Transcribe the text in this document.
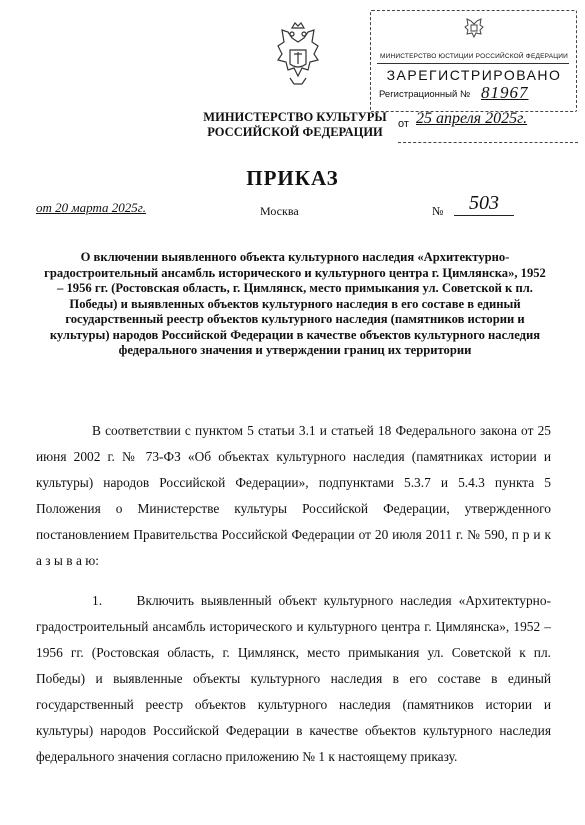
МИНИСТЕРСТВО КУЛЬТУРЫ
РОССИЙСКОЙ ФЕДЕРАЦИИ
МИНИСТЕРСТВО ЮСТИЦИИ РОССИЙСКОЙ ФЕДЕРАЦИИ
ЗАРЕГИСТРИРОВАНО
Регистрационный № 81967
от 25 апреля 2025г.
ПРИКАЗ
от 20 марта 2025г.	Москва	№	503
О включении выявленного объекта культурного наследия «Архитектурно-градостроительный ансамбль исторического и культурного центра г. Цимлянска», 1952 – 1956 гг. (Ростовская область, г. Цимлянск, место примыкания ул. Советской к пл. Победы) и выявленных объектов культурного наследия в его составе в единый государственный реестр объектов культурного наследия (памятников истории и культуры) народов Российской Федерации в качестве объектов культурного наследия федерального значения и утверждении границ их территории
В соответствии с пунктом 5 статьи 3.1 и статьей 18 Федерального закона от 25 июня 2002 г. № 73-ФЗ «Об объектах культурного наследия (памятниках истории и культуры) народов Российской Федерации», подпунктами 5.3.7 и 5.4.3 пункта 5 Положения о Министерстве культуры Российской Федерации, утвержденного постановлением Правительства Российской Федерации от 20 июля 2011 г. № 590, п р и к а з ы в а ю:
1.	Включить выявленный объект культурного наследия «Архитектурно-градостроительный ансамбль исторического и культурного центра г. Цимлянска», 1952 – 1956 гг. (Ростовская область, г. Цимлянск, место примыкания ул. Советской к пл. Победы) и выявленные объекты культурного наследия в его составе в единый государственный реестр объектов культурного наследия (памятников истории и культуры) народов Российской Федерации в качестве объектов культурного наследия федерального значения согласно приложению № 1 к настоящему приказу.
